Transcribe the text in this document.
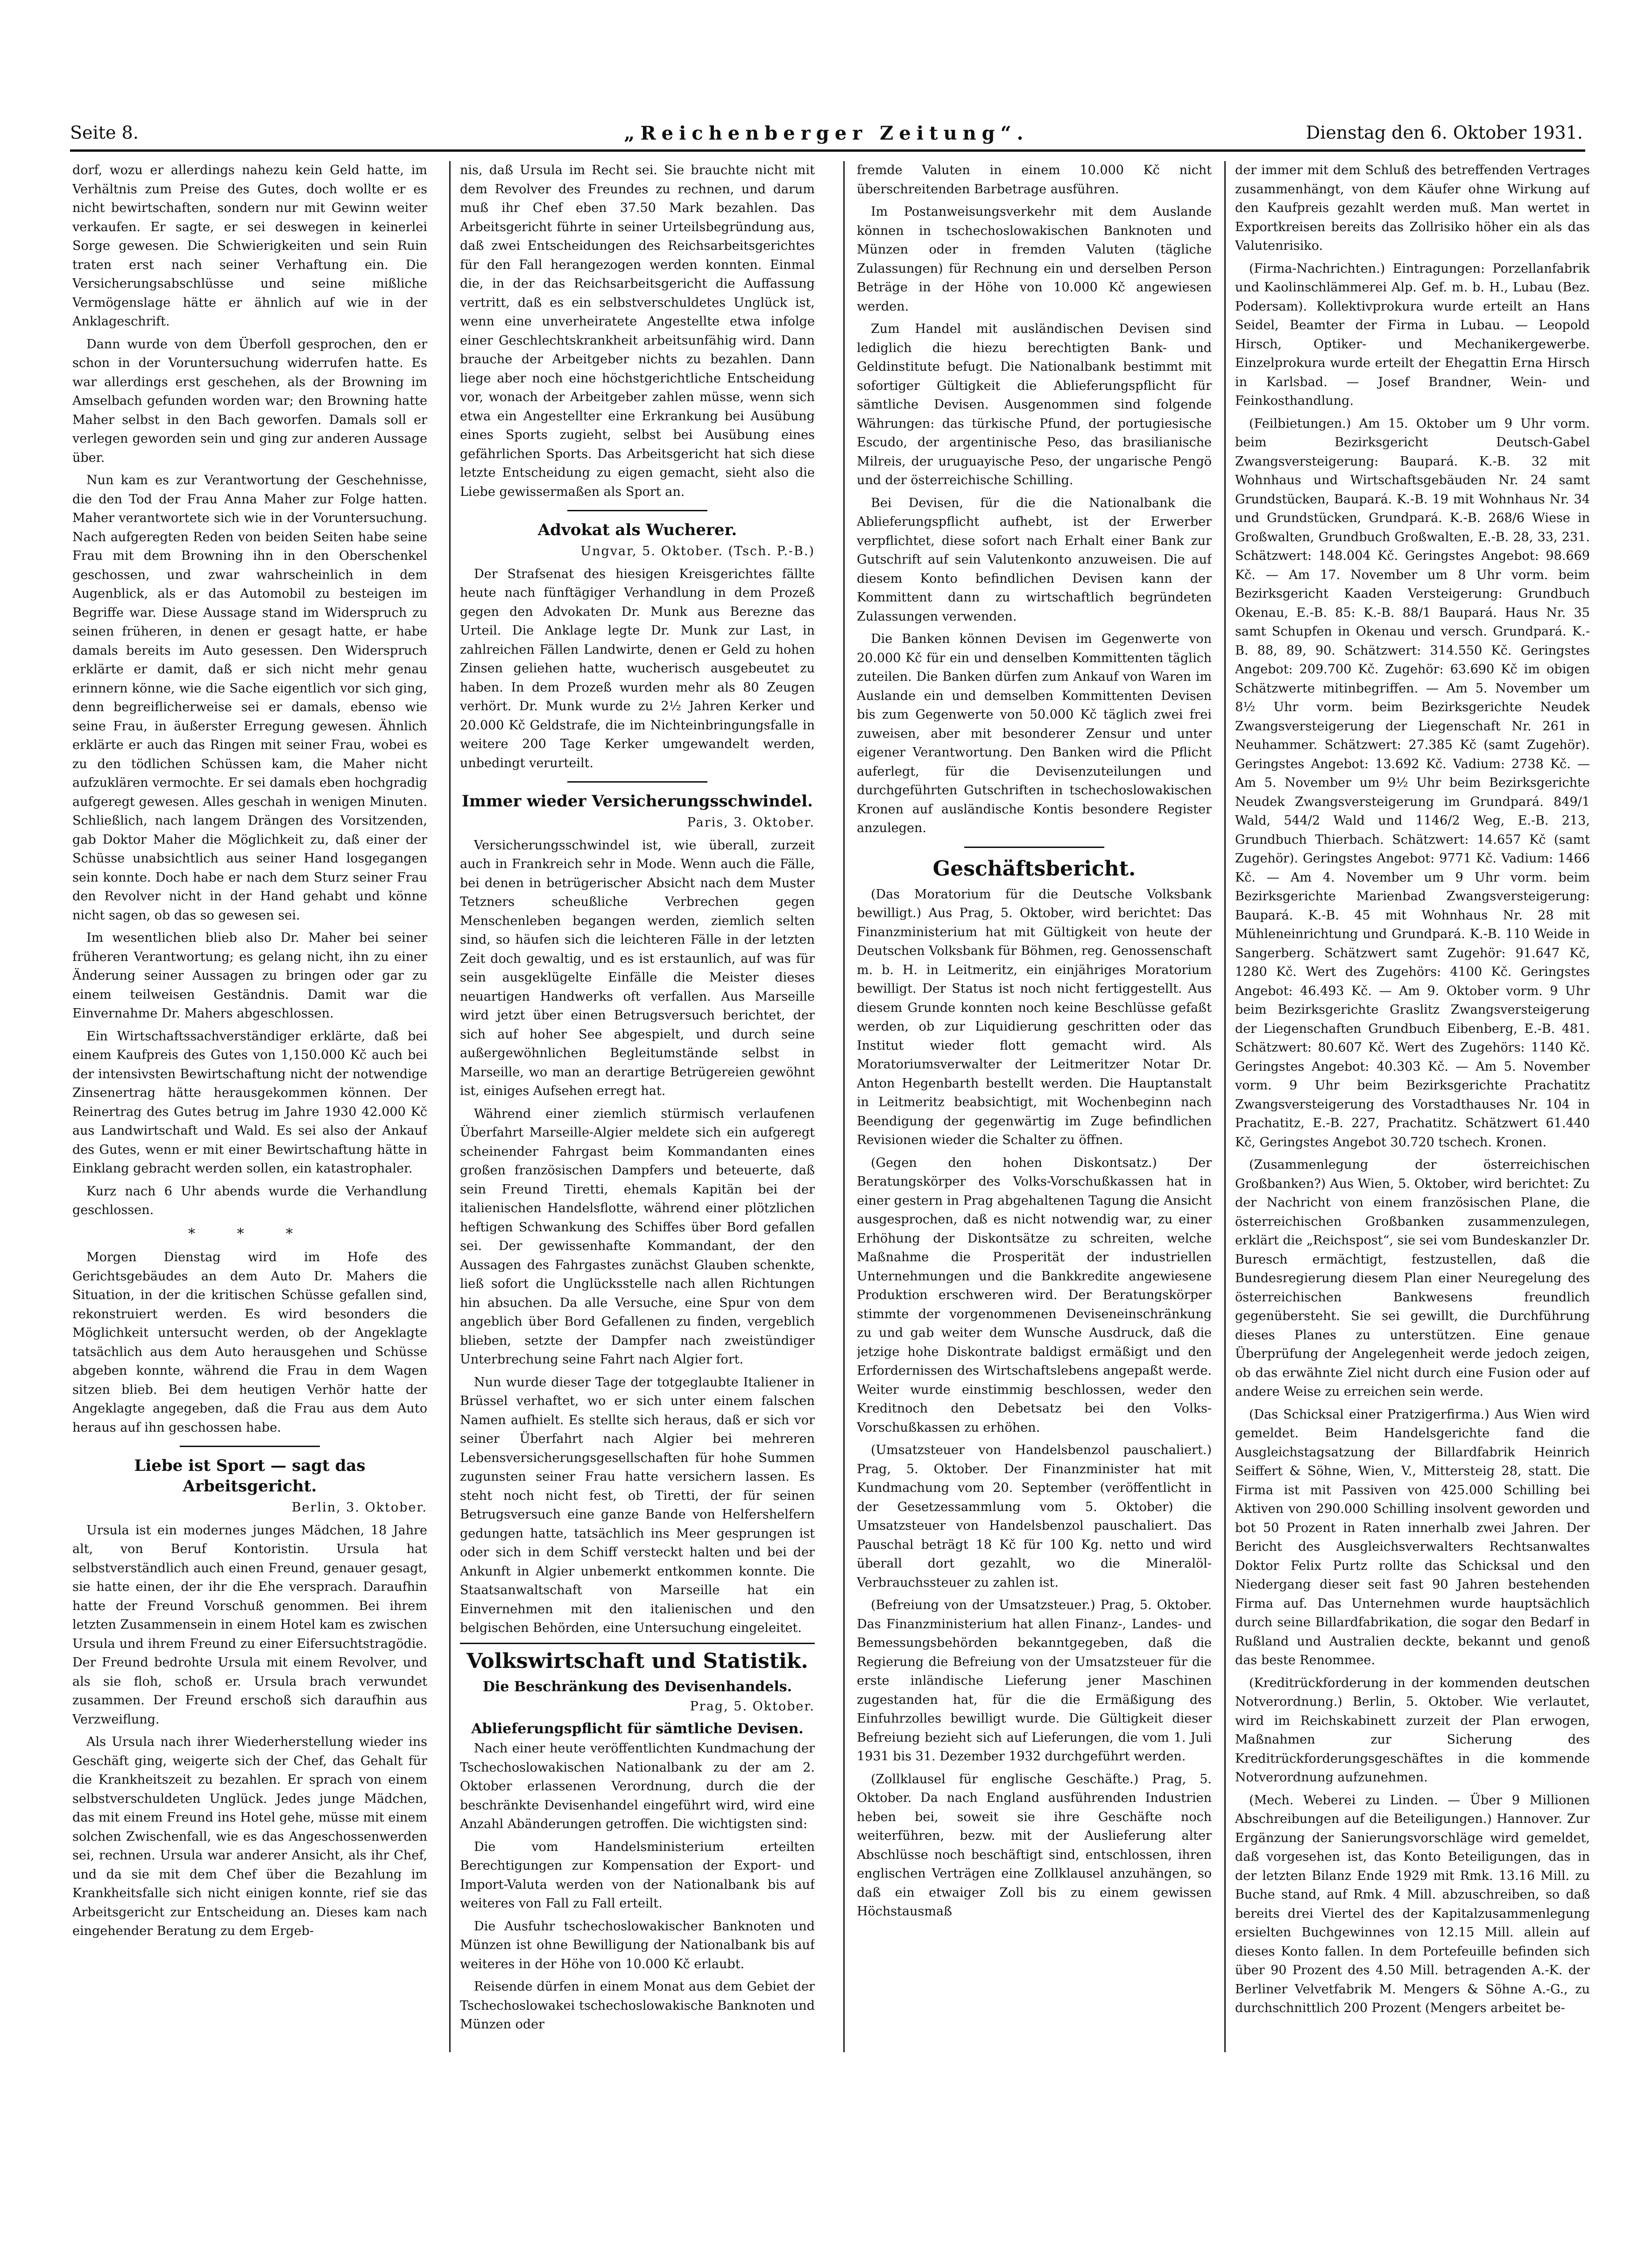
Seite 8.	„Reichenberger Zeitung“.	Dienstag den 6. Oktober 1931.

dorf, wozu er allerdings nahezu kein Geld hatte, im Verhältnis zum Preise des Gutes, doch wollte er es nicht bewirtschaften, sondern nur mit Gewinn weiter verkaufen. Er sagte, er sei deswegen in keinerlei Sorge gewesen. Die Schwierigkeiten und sein Ruin traten erst nach seiner Verhaftung ein. Die Versicherungsabschlüsse und seine mißliche Vermögenslage hätte er ähnlich auf wie in der Anklageschrift.

Dann wurde von dem Überfoll gesprochen, den er schon in der Voruntersuchung widerrufen hatte. Es war allerdings erst geschehen, als der Browning im Amselbach gefunden worden war; den Browning hatte Maher selbst in den Bach geworfen. Damals soll er verlegen geworden sein und ging zur anderen Aussage über.

Nun kam es zur Verantwortung der Geschehnisse, die den Tod der Frau Anna Maher zur Folge hatten. Maher verantwortete sich wie in der Voruntersuchung. Nach aufgeregten Reden von beiden Seiten habe seine Frau mit dem Browning ihn in den Oberschenkel geschossen, und zwar wahrscheinlich in dem Augenblick, als er das Automobil zu besteigen im Begriffe war. Diese Aussage stand im Widerspruch zu seinen früheren, in denen er gesagt hatte, er habe damals bereits im Auto gesessen. Den Widerspruch erklärte er damit, daß er sich nicht mehr genau erinnern könne, wie die Sache eigentlich vor sich ging, denn begreiflicherweise sei er damals, ebenso wie seine Frau, in äußerster Erregung gewesen. Ähnlich erklärte er auch das Ringen mit seiner Frau, wobei es zu den tödlichen Schüssen kam, die Maher nicht aufzuklären vermochte. Er sei damals eben hochgradig aufgeregt gewesen. Alles geschah in wenigen Minuten. Schließlich, nach langem Drängen des Vorsitzenden, gab Doktor Maher die Möglichkeit zu, daß einer der Schüsse unabsichtlich aus seiner Hand losgegangen sein konnte. Doch habe er nach dem Sturz seiner Frau den Revolver nicht in der Hand gehabt und könne nicht sagen, ob das so gewesen sei.

Im wesentlichen blieb also Dr. Maher bei seiner früheren Verantwortung; es gelang nicht, ihn zu einer Änderung seiner Aussagen zu bringen oder gar zu einem teilweisen Geständnis. Damit war die Einvernahme Dr. Mahers abgeschlossen.

Ein Wirtschaftssachverständiger erklärte, daß bei einem Kaufpreis des Gutes von 1,150.000 Kč auch bei der intensivsten Bewirtschaftung nicht der notwendige Zinsenertrag hätte herausgekommen können. Der Reinertrag des Gutes betrug im Jahre 1930 42.000 Kč aus Landwirtschaft und Wald. Es sei also der Ankauf des Gutes, wenn er mit einer Bewirtschaftung hätte in Einklang gebracht werden sollen, ein katastrophaler.

Kurz nach 6 Uhr abends wurde die Verhandlung geschlossen.

* * *

Morgen Dienstag wird im Hofe des Gerichtsgebäudes an dem Auto Dr. Mahers die Situation, in der die kritischen Schüsse gefallen sind, rekonstruiert werden. Es wird besonders die Möglichkeit untersucht werden, ob der Angeklagte tatsächlich aus dem Auto herausgehen und Schüsse abgeben konnte, während die Frau in dem Wagen sitzen blieb. Bei dem heutigen Verhör hatte der Angeklagte angegeben, daß die Frau aus dem Auto heraus auf ihn geschossen habe.

Liebe ist Sport — sagt das Arbeitsgericht.

Berlin, 3. Oktober.

Ursula ist ein modernes junges Mädchen, 18 Jahre alt, von Beruf Kontoristin. Ursula hat selbstverständlich auch einen Freund, genauer gesagt, sie hatte einen, der ihr die Ehe versprach. Daraufhin hatte der Freund Vorschuß genommen. Bei ihrem letzten Zusammensein in einem Hotel kam es zwischen Ursula und ihrem Freund zu einer Eifersuchtstragödie. Der Freund bedrohte Ursula mit einem Revolver, und als sie floh, schoß er. Ursula brach verwundet zusammen. Der Freund erschoß sich daraufhin aus Verzweiflung.

Als Ursula nach ihrer Wiederherstellung wieder ins Geschäft ging, weigerte sich der Chef, das Gehalt für die Krankheitszeit zu bezahlen. Er sprach von einem selbstverschuldeten Unglück. Jedes junge Mädchen, das mit einem Freund ins Hotel gehe, müsse mit einem solchen Zwischenfall, wie es das Angeschossenwerden sei, rechnen. Ursula war anderer Ansicht, als ihr Chef, und da sie mit dem Chef über die Bezahlung im Krankheitsfalle sich nicht einigen konnte, rief sie das Arbeitsgericht zur Entscheidung an. Dieses kam nach eingehender Beratung zu dem Ergeb-

nis, daß Ursula im Recht sei. Sie brauchte nicht mit dem Revolver des Freundes zu rechnen, und darum muß ihr Chef eben 37.50 Mark bezahlen. Das Arbeitsgericht führte in seiner Urteilsbegründung aus, daß zwei Entscheidungen des Reichsarbeitsgerichtes für den Fall herangezogen werden konnten. Einmal die, in der das Reichsarbeitsgericht die Auffassung vertritt, daß es ein selbstverschuldetes Unglück ist, wenn eine unverheiratete Angestellte etwa infolge einer Geschlechtskrankheit arbeitsunfähig wird. Dann brauche der Arbeitgeber nichts zu bezahlen. Dann liege aber noch eine höchstgerichtliche Entscheidung vor, wonach der Arbeitgeber zahlen müsse, wenn sich etwa ein Angestellter eine Erkrankung bei Ausübung eines Sports zugieht, selbst bei Ausübung eines gefährlichen Sports. Das Arbeitsgericht hat sich diese letzte Entscheidung zu eigen gemacht, sieht also die Liebe gewissermaßen als Sport an.

Advokat als Wucherer.

Ungvar, 5. Oktober. (Tsch. P.-B.)

Der Strafsenat des hiesigen Kreisgerichtes fällte heute nach fünftägiger Verhandlung in dem Prozeß gegen den Advokaten Dr. Munk aus Berezne das Urteil. Die Anklage legte Dr. Munk zur Last, in zahlreichen Fällen Landwirte, denen er Geld zu hohen Zinsen geliehen hatte, wucherisch ausgebeutet zu haben. In dem Prozeß wurden mehr als 80 Zeugen verhört. Dr. Munk wurde zu 2½ Jahren Kerker und 20.000 Kč Geldstrafe, die im Nichteinbringungsfalle in weitere 200 Tage Kerker umgewandelt werden, unbedingt verurteilt.

Immer wieder Versicherungsschwindel.

Paris, 3. Oktober.

Versicherungsschwindel ist, wie überall, zurzeit auch in Frankreich sehr in Mode. Wenn auch die Fälle, bei denen in betrügerischer Absicht nach dem Muster Tetzners scheußliche Verbrechen gegen Menschenleben begangen werden, ziemlich selten sind, so häufen sich die leichteren Fälle in der letzten Zeit doch gewaltig, und es ist erstaunlich, auf was für sein ausgeklügelte Einfälle die Meister dieses neuartigen Handwerks oft verfallen. Aus Marseille wird jetzt über einen Betrugsversuch berichtet, der sich auf hoher See abgespielt, und durch seine außergewöhnlichen Begleitumstände selbst in Marseille, wo man an derartige Betrügereien gewöhnt ist, einiges Aufsehen erregt hat.

Während einer ziemlich stürmisch verlaufenen Überfahrt Marseille-Algier meldete sich ein aufgeregt scheinender Fahrgast beim Kommandanten eines großen französischen Dampfers und beteuerte, daß sein Freund Tiretti, ehemals Kapitän bei der italienischen Handelsflotte, während einer plötzlichen heftigen Schwankung des Schiffes über Bord gefallen sei. Der gewissenhafte Kommandant, der den Aussagen des Fahrgastes zunächst Glauben schenkte, ließ sofort die Unglücksstelle nach allen Richtungen hin absuchen. Da alle Versuche, eine Spur von dem angeblich über Bord Gefallenen zu finden, vergeblich blieben, setzte der Dampfer nach zweistündiger Unterbrechung seine Fahrt nach Algier fort.

Nun wurde dieser Tage der totgeglaubte Italiener in Brüssel verhaftet, wo er sich unter einem falschen Namen aufhielt. Es stellte sich heraus, daß er sich vor seiner Überfahrt nach Algier bei mehreren Lebensversicherungsgesellschaften für hohe Summen zugunsten seiner Frau hatte versichern lassen. Es steht noch nicht fest, ob Tiretti, der für seinen Betrugsversuch eine ganze Bande von Helfershelfern gedungen hatte, tatsächlich ins Meer gesprungen ist oder sich in dem Schiff versteckt halten und bei der Ankunft in Algier unbemerkt entkommen konnte. Die Staatsanwaltschaft von Marseille hat ein Einvernehmen mit den italienischen und den belgischen Behörden, eine Untersuchung eingeleitet.

Volkswirtschaft und Statistik.
Die Beschränkung des Devisenhandels.

Prag, 5. Oktober.

Ablieferungspflicht für sämtliche Devisen.

Nach einer heute veröffentlichten Kundmachung der Tschechoslowakischen Nationalbank zu der am 2. Oktober erlassenen Verordnung, durch die der beschränkte Devisenhandel eingeführt wird, wird eine Anzahl Abänderungen getroffen. Die wichtigsten sind:

Die vom Handelsministerium erteilten Berechtigungen zur Kompensation der Export- und Import-Valuta werden von der Nationalbank bis auf weiteres von Fall zu Fall erteilt.

Die Ausfuhr tschechoslowakischer Banknoten und Münzen ist ohne Bewilligung der Nationalbank bis auf weiteres in der Höhe von 10.000 Kč erlaubt.

Reisende dürfen in einem Monat aus dem Gebiet der Tschechoslowakei tschechoslowakische Banknoten und Münzen oder

fremde Valuten in einem 10.000 Kč nicht überschreitenden Barbetrage ausführen.

Im Postanweisungsverkehr mit dem Auslande können in tschechoslowakischen Banknoten und Münzen oder in fremden Valuten (tägliche Zulassungen) für Rechnung ein und derselben Person Beträge in der Höhe von 10.000 Kč angewiesen werden.

Zum Handel mit ausländischen Devisen sind lediglich die hiezu berechtigten Bank- und Geldinstitute befugt. Die Nationalbank bestimmt mit sofortiger Gültigkeit die Ablieferungspflicht für sämtliche Devisen. Ausgenommen sind folgende Währungen: das türkische Pfund, der portugiesische Escudo, der argentinische Peso, das brasilianische Milreis, der uruguayische Peso, der ungarische Pengö und der österreichische Schilling.

Bei Devisen, für die die Nationalbank die Ablieferungspflicht aufhebt, ist der Erwerber verpflichtet, diese sofort nach Erhalt einer Bank zur Gutschrift auf sein Valutenkonto anzuweisen. Die auf diesem Konto befindlichen Devisen kann der Kommittent dann zu wirtschaftlich begründeten Zulassungen verwenden.

Die Banken können Devisen im Gegenwerte von 20.000 Kč für ein und denselben Kommittenten täglich zuteilen. Die Banken dürfen zum Ankauf von Waren im Auslande ein und demselben Kommittenten Devisen bis zum Gegenwerte von 50.000 Kč täglich zwei frei zuweisen, aber mit besonderer Zensur und unter eigener Verantwortung. Den Banken wird die Pflicht auferlegt, für die Devisenzuteilungen und durchgeführten Gutschriften in tschechoslowakischen Kronen auf ausländische Kontis besondere Register anzulegen.

Geschäftsbericht.

(Das Moratorium für die Deutsche Volksbank bewilligt.) Aus Prag, 5. Oktober, wird berichtet: Das Finanzministerium hat mit Gültigkeit von heute der Deutschen Volksbank für Böhmen, reg. Genossenschaft m. b. H. in Leitmeritz, ein einjähriges Moratorium bewilligt. Der Status ist noch nicht fertiggestellt. Aus diesem Grunde konnten noch keine Beschlüsse gefaßt werden, ob zur Liquidierung geschritten oder das Institut wieder flott gemacht wird. Als Moratoriumsverwalter der Leitmeritzer Notar Dr. Anton Hegenbarth bestellt werden. Die Hauptanstalt in Leitmeritz beabsichtigt, mit Wochenbeginn nach Beendigung der gegenwärtig im Zuge befindlichen Revisionen wieder die Schalter zu öffnen.

(Gegen den hohen Diskontsatz.) Der Beratungskörper des Volks-Vorschußkassen hat in einer gestern in Prag abgehaltenen Tagung die Ansicht ausgesprochen, daß es nicht notwendig war, zu einer Erhöhung der Diskontsätze zu schreiten, welche Maßnahme die Prosperität der industriellen Unternehmungen und die Bankkredite angewiesene Produktion erschweren wird. Der Beratungskörper stimmte der vorgenommenen Deviseneinschränkung zu und gab weiter dem Wunsche Ausdruck, daß die jetzige hohe Diskontrate baldigst ermäßigt und den Erfordernissen des Wirtschaftslebens angepaßt werde. Weiter wurde einstimmig beschlossen, weder den Kreditnoch den Debetsatz bei den Volks-Vorschußkassen zu erhöhen.

(Umsatzsteuer von Handelsbenzol pauschaliert.) Prag, 5. Oktober. Der Finanzminister hat mit Kundmachung vom 20. September (veröffentlicht in der Gesetzessammlung vom 5. Oktober) die Umsatzsteuer von Handelsbenzol pauschaliert. Das Pauschal beträgt 18 Kč für 100 Kg. netto und wird überall dort gezahlt, wo die Mineralöl-Verbrauchssteuer zu zahlen ist.

(Befreiung von der Umsatzsteuer.) Prag, 5. Oktober. Das Finanzministerium hat allen Finanz-, Landes- und Bemessungsbehörden bekanntgegeben, daß die Regierung die Befreiung von der Umsatzsteuer für die erste inländische Lieferung jener Maschinen zugestanden hat, für die die Ermäßigung des Einfuhrzolles bewilligt wurde. Die Gültigkeit dieser Befreiung bezieht sich auf Lieferungen, die vom 1. Juli 1931 bis 31. Dezember 1932 durchgeführt werden.

(Zollklausel für englische Geschäfte.) Prag, 5. Oktober. Da nach England ausführenden Industrien heben bei, soweit sie ihre Geschäfte noch weiterführen, bezw. mit der Auslieferung alter Abschlüsse noch beschäftigt sind, entschlossen, ihren englischen Verträgen eine Zollklausel anzuhängen, so daß ein etwaiger Zoll bis zu einem gewissen Höchstausmaß

der immer mit dem Schluß des betreffenden Vertrages zusammenhängt, von dem Käufer ohne Wirkung auf den Kaufpreis gezahlt werden muß. Man wertet in Exportkreisen bereits das Zollrisiko höher ein als das Valutenrisiko.

(Firma-Nachrichten.) Eintragungen: Porzellanfabrik und Kaolinschlämmerei Alp. Gef. m. b. H., Lubau (Bez. Podersam). Kollektivprokura wurde erteilt an Hans Seidel, Beamter der Firma in Lubau. — Leopold Hirsch, Optiker- und Mechanikergewerbe. Einzelprokura wurde erteilt der Ehegattin Erna Hirsch in Karlsbad. — Josef Brandner, Wein- und Feinkosthandlung.

(Feilbietungen.) Am 15. Oktober um 9 Uhr vorm. beim Bezirksgericht Deutsch-Gabel Zwangsversteigerung: Baupará. K.-B. 32 mit Wohnhaus und Wirtschaftsgebäuden Nr. 24 samt Grundstücken, Baupará. K.-B. 19 mit Wohnhaus Nr. 34 und Grundstücken, Grundpará. K.-B. 268/6 Wiese in Großwalten, Grundbuch Großwalten, E.-B. 28, 33, 231. Schätzwert: 148.004 Kč. Geringstes Angebot: 98.669 Kč. — Am 17. November um 8 Uhr vorm. beim Bezirksgericht Kaaden Versteigerung: Grundbuch Okenau, E.-B. 85: K.-B. 88/1 Baupará. Haus Nr. 35 samt Schupfen in Okenau und versch. Grundpará. K.-B. 88, 89, 90. Schätzwert: 314.550 Kč. Geringstes Angebot: 209.700 Kč. Zugehör: 63.690 Kč im obigen Schätzwerte mitinbegriffen. — Am 5. November um 8½ Uhr vorm. beim Bezirksgerichte Neudek Zwangsversteigerung der Liegenschaft Nr. 261 in Neuhammer. Schätzwert: 27.385 Kč (samt Zugehör). Geringstes Angebot: 13.692 Kč. Vadium: 2738 Kč. — Am 5. November um 9½ Uhr beim Bezirksgerichte Neudek Zwangsversteigerung im Grundpará. 849/1 Wald, 544/2 Wald und 1146/2 Weg, E.-B. 213, Grundbuch Thierbach. Schätzwert: 14.657 Kč (samt Zugehör). Geringstes Angebot: 9771 Kč. Vadium: 1466 Kč. — Am 4. November um 9 Uhr vorm. beim Bezirksgerichte Marienbad Zwangsversteigerung: Baupará. K.-B. 45 mit Wohnhaus Nr. 28 mit Mühleneinrichtung und Grundpará. K.-B. 110 Weide in Sangerberg. Schätzwert samt Zugehör: 91.647 Kč, 1280 Kč. Wert des Zugehörs: 4100 Kč. Geringstes Angebot: 46.493 Kč. — Am 9. Oktober vorm. 9 Uhr beim Bezirksgerichte Graslitz Zwangsversteigerung der Liegenschaften Grundbuch Eibenberg, E.-B. 481. Schätzwert: 80.607 Kč. Wert des Zugehörs: 1140 Kč. Geringstes Angebot: 40.303 Kč. — Am 5. November vorm. 9 Uhr beim Bezirksgerichte Prachatitz Zwangsversteigerung des Vorstadthauses Nr. 104 in Prachatitz, E.-B. 227, Prachatitz. Schätzwert 61.440 Kč, Geringstes Angebot 30.720 tschech. Kronen.

(Zusammenlegung der österreichischen Großbanken?) Aus Wien, 5. Oktober, wird berichtet: Zu der Nachricht von einem französischen Plane, die österreichischen Großbanken zusammenzulegen, erklärt die „Reichspost“, sie sei vom Bundeskanzler Dr. Buresch ermächtigt, festzustellen, daß die Bundesregierung diesem Plan einer Neuregelung des österreichischen Bankwesens freundlich gegenübersteht. Sie sei gewillt, die Durchführung dieses Planes zu unterstützen. Eine genaue Überprüfung der Angelegenheit werde jedoch zeigen, ob das erwähnte Ziel nicht durch eine Fusion oder auf andere Weise zu erreichen sein werde.

(Das Schicksal einer Pratzigerfirma.) Aus Wien wird gemeldet. Beim Handelsgerichte fand die Ausgleichstagsatzung der Billardfabrik Heinrich Seiffert & Söhne, Wien, V., Mittersteig 28, statt. Die Firma ist mit Passiven von 425.000 Schilling bei Aktiven von 290.000 Schilling insolvent geworden und bot 50 Prozent in Raten innerhalb zwei Jahren. Der Bericht des Ausgleichsverwalters Rechtsanwaltes Doktor Felix Purtz rollte das Schicksal und den Niedergang dieser seit fast 90 Jahren bestehenden Firma auf. Das Unternehmen wurde hauptsächlich durch seine Billardfabrikation, die sogar den Bedarf in Rußland und Australien deckte, bekannt und genoß das beste Renommee.

(Kreditrückforderung in der kommenden deutschen Notverordnung.) Berlin, 5. Oktober. Wie verlautet, wird im Reichskabinett zurzeit der Plan erwogen, Maßnahmen zur Sicherung des Kreditrückforderungsgeschäftes in die kommende Notverordnung aufzunehmen.

(Mech. Weberei zu Linden. — Über 9 Millionen Abschreibungen auf die Beteiligungen.) Hannover. Zur Ergänzung der Sanierungsvorschläge wird gemeldet, daß vorgesehen ist, das Konto Beteiligungen, das in der letzten Bilanz Ende 1929 mit Rmk. 13.16 Mill. zu Buche stand, auf Rmk. 4 Mill. abzuschreiben, so daß bereits drei Viertel des der Kapitalzusammenlegung ersielten Buchgewinnes von 12.15 Mill. allein auf dieses Konto fallen. In dem Portefeuille befinden sich über 90 Prozent des 4.50 Mill. betragenden A.-K. der Berliner Velvetfabrik M. Mengers & Söhne A.-G., zu durchschnittlich 200 Prozent (Mengers arbeitet be-
